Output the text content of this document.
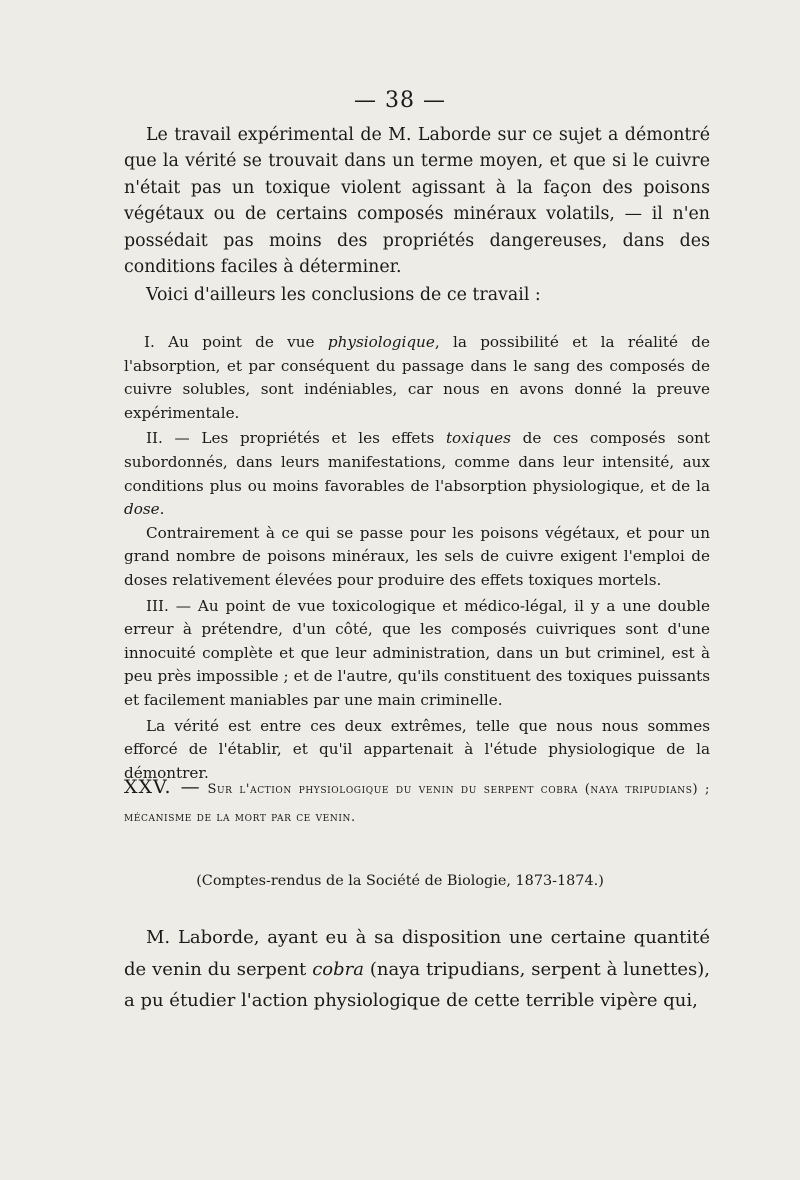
— 38 —

Le travail expérimental de M. Laborde sur ce sujet a démontré que la vérité se trouvait dans un terme moyen, et que si le cuivre n'était pas un toxique violent agissant à la façon des poisons végétaux ou de certains composés minéraux volatils, — il n'en possédait pas moins des propriétés dangereuses, dans des conditions faciles à déterminer.

Voici d'ailleurs les conclusions de ce travail :

I. Au point de vue physiologique, la possibilité et la réalité de l'absorption, et par conséquent du passage dans le sang des composés de cuivre solubles, sont indéniables, car nous en avons donné la preuve expérimentale.

II. — Les propriétés et les effets toxiques de ces composés sont subordonnés, dans leurs manifestations, comme dans leur intensité, aux conditions plus ou moins favorables de l'absorption physiologique, et de la dose.

Contrairement à ce qui se passe pour les poisons végétaux, et pour un grand nombre de poisons minéraux, les sels de cuivre exigent l'emploi de doses relativement élevées pour produire des effets toxiques mortels.

III. — Au point de vue toxicologique et médico-légal, il y a une double erreur à prétendre, d'un côté, que les composés cuivriques sont d'une innocuité complète et que leur administration, dans un but criminel, est à peu près impossible ; et de l'autre, qu'ils constituent des toxiques puissants et facilement maniables par une main criminelle.

La vérité est entre ces deux extrêmes, telle que nous nous sommes efforcé de l'établir, et qu'il appartenait à l'étude physiologique de la démontrer.

XXV. — Sur l'action physiologique du venin du serpent cobra (naya tripudians) ; mécanisme de la mort par ce venin.
(Comptes-rendus de la Société de Biologie, 1873-1874.)

M. Laborde, ayant eu à sa disposition une certaine quantité de venin du serpent cobra (naya tripudians, serpent à lunettes), a pu étudier l'action physiologique de cette terrible vipère qui,
